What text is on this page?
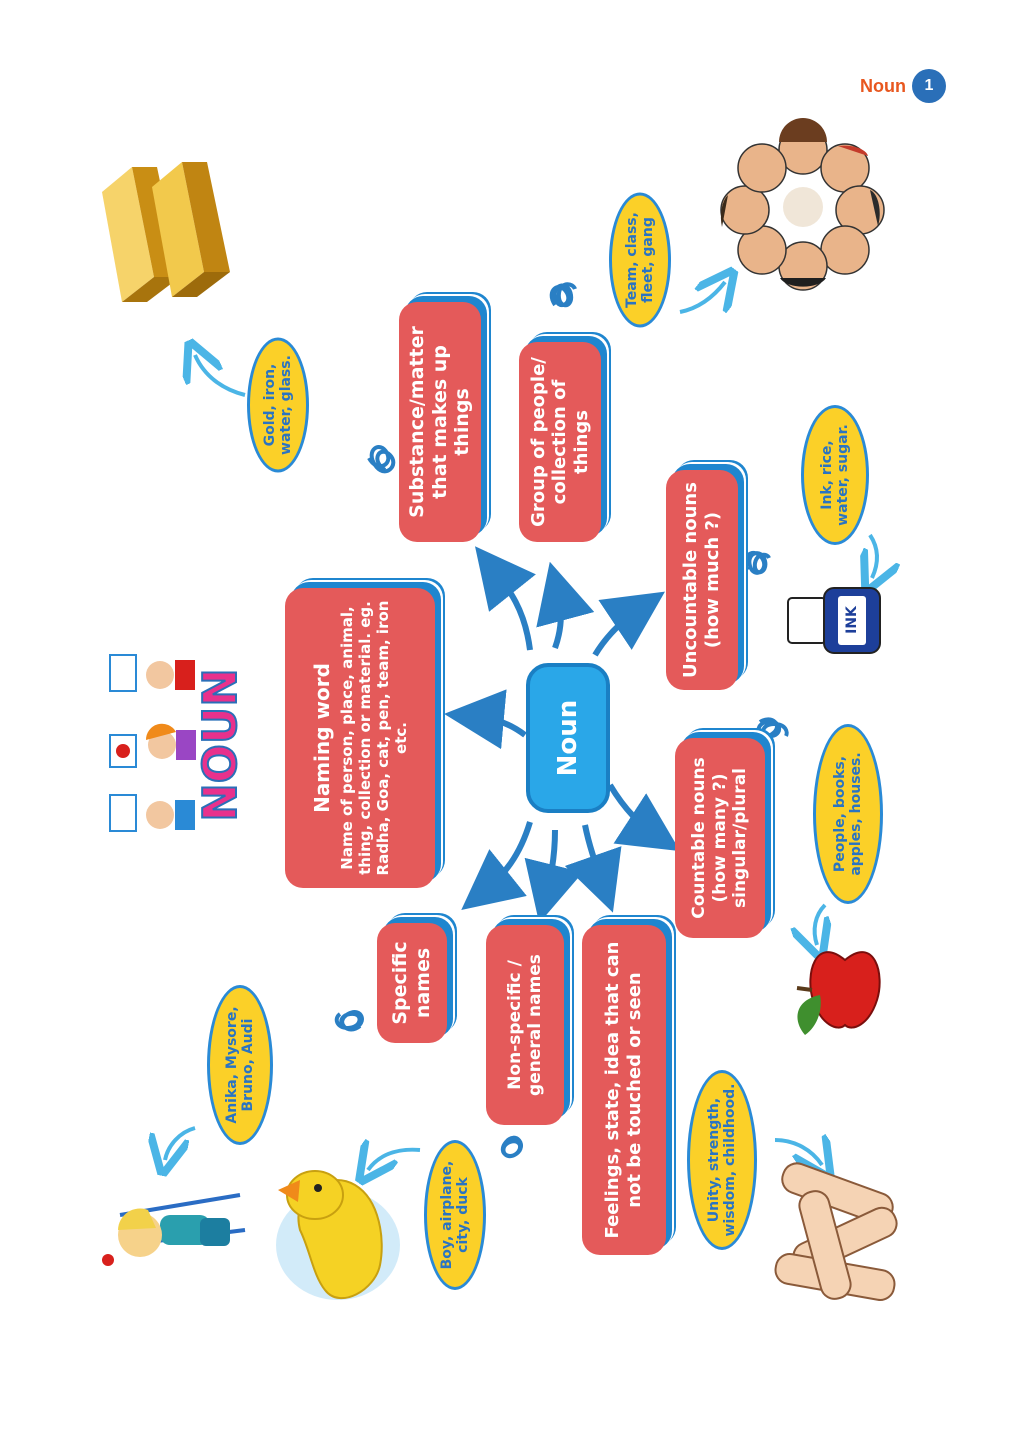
Noun	1
NOUN
INK
Noun
Naming word Name of person, place, animal, thing, collection or material. eg. Radha, Goa, cat, pen, team, iron etc.
Substance/matter that makes up things	Group of people/ collection of things
Uncountable nouns (how much ?)
Countable nouns (how many ?) singular/plural
Specific names	Non-specific / general names	Feelings, state, idea that can not be touched or seen
Gold, iron, water, glass.
Team, class, fleet, gang
Ink, rice, water, sugar.
People, books, apples, houses.
Anika, Mysore, Bruno, Audi
Boy, airplane, city, duck	Unity, strength, wisdom, childhood.
